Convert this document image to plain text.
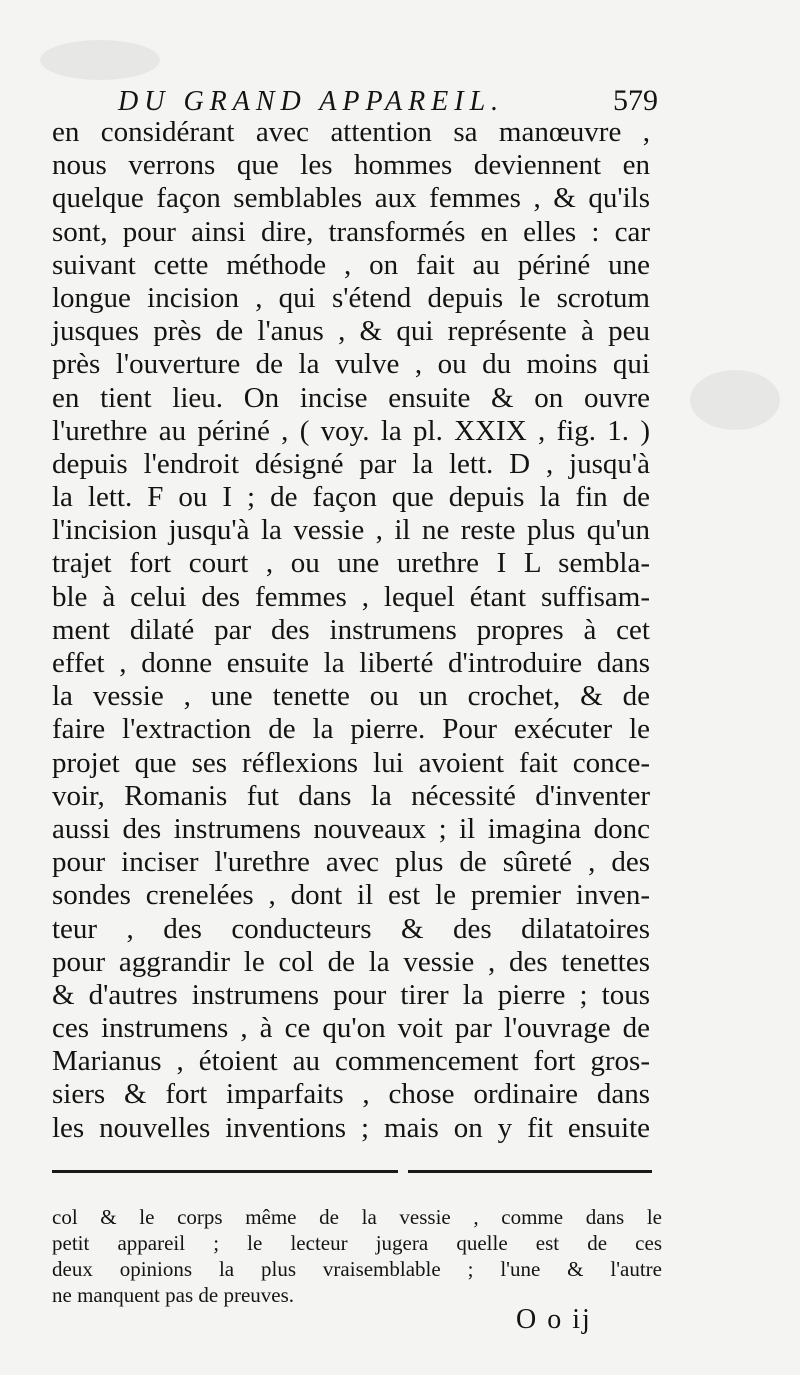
DU GRAND APPAREIL.	579
en considérant avec attention sa manœuvre ,
nous verrons que les hommes deviennent en
quelque façon semblables aux femmes , & qu'ils
sont, pour ainsi dire, transformés en elles : car
suivant cette méthode , on fait au périné une
longue incision , qui s'étend depuis le scrotum
jusques près de l'anus , & qui représente à peu
près l'ouverture de la vulve , ou du moins qui
en tient lieu. On incise ensuite & on ouvre
l'urethre au périné , ( voy. la pl. XXIX , fig. 1. )
depuis l'endroit désigné par la lett. D , jusqu'à
la lett. F ou I ; de façon que depuis la fin de
l'incision jusqu'à la vessie , il ne reste plus qu'un
trajet fort court , ou une urethre I L sembla-
ble à celui des femmes , lequel étant suffisam-
ment dilaté par des instrumens propres à cet
effet , donne ensuite la liberté d'introduire dans
la vessie , une tenette ou un crochet, & de
faire l'extraction de la pierre. Pour exécuter le
projet que ses réflexions lui avoient fait conce-
voir, Romanis fut dans la nécessité d'inventer
aussi des instrumens nouveaux ; il imagina donc
pour inciser l'urethre avec plus de sûreté , des
sondes crenelées , dont il est le premier inven-
teur , des conducteurs & des dilatatoires
pour aggrandir le col de la vessie , des tenettes
& d'autres instrumens pour tirer la pierre ; tous
ces instrumens , à ce qu'on voit par l'ouvrage de
Marianus , étoient au commencement fort gros-
siers & fort imparfaits , chose ordinaire dans
les nouvelles inventions ; mais on y fit ensuite
col & le corps même de la vessie , comme dans le
petit appareil ; le lecteur jugera quelle est de ces
deux opinions la plus vraisemblable ; l'une & l'autre
ne manquent pas de preuves.
O o ij
